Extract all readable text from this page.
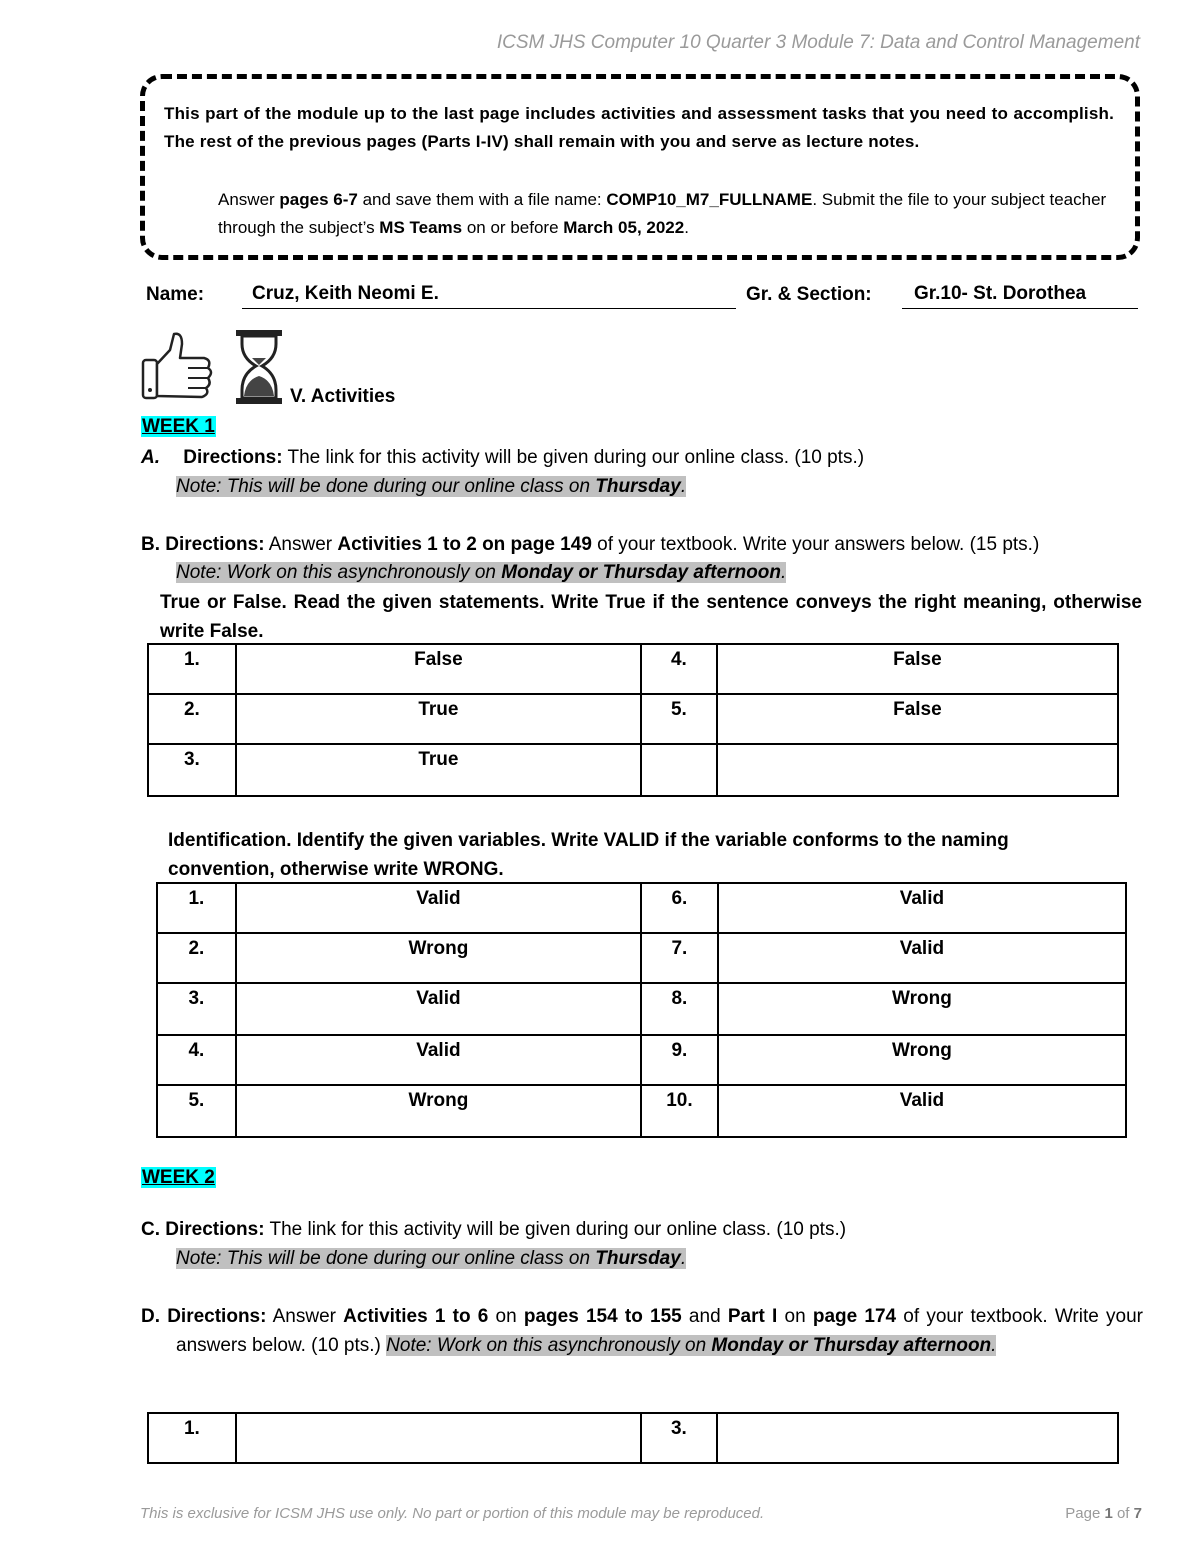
ICSM JHS Computer 10 Quarter 3 Module 7: Data and Control Management
This part of the module up to the last page includes activities and assessment tasks that you need to accomplish. The rest of the previous pages (Parts I-IV) shall remain with you and serve as lecture notes.
Answer pages 6-7 and save them with a file name: COMP10_M7_FULLNAME. Submit the file to your subject teacher through the subject’s MS Teams on or before March 05, 2022.
Name:	Cruz, Keith Neomi E.	Gr. & Section:	Gr.10- St. Dorothea
V. Activities
WEEK 1
A. Directions: The link for this activity will be given during our online class. (10 pts.)
Note: This will be done during our online class on Thursday.
B. Directions: Answer Activities 1 to 2 on page 149 of your textbook. Write your answers below. (15 pts.)
Note: Work on this asynchronously on Monday or Thursday afternoon.
True or False. Read the given statements. Write True if the sentence conveys the right meaning, otherwise write False.
1.	False	4.	False
2.	True	5.	False
3.	True		
Identification. Identify the given variables. Write VALID if the variable conforms to the naming convention, otherwise write WRONG.
1.	Valid	6.	Valid
2.	Wrong	7.	Valid
3.	Valid	8.	Wrong
4.	Valid	9.	Wrong
5.	Wrong	10.	Valid
WEEK 2
C. Directions: The link for this activity will be given during our online class. (10 pts.)
Note: This will be done during our online class on Thursday.
D. Directions: Answer Activities 1 to 6 on pages 154 to 155 and Part I on page 174 of your textbook. Write your answers below. (10 pts.) Note: Work on this asynchronously on Monday or Thursday afternoon.
1.		3.	
This is exclusive for ICSM JHS use only. No part or portion of this module may be reproduced.	Page 1 of 7
